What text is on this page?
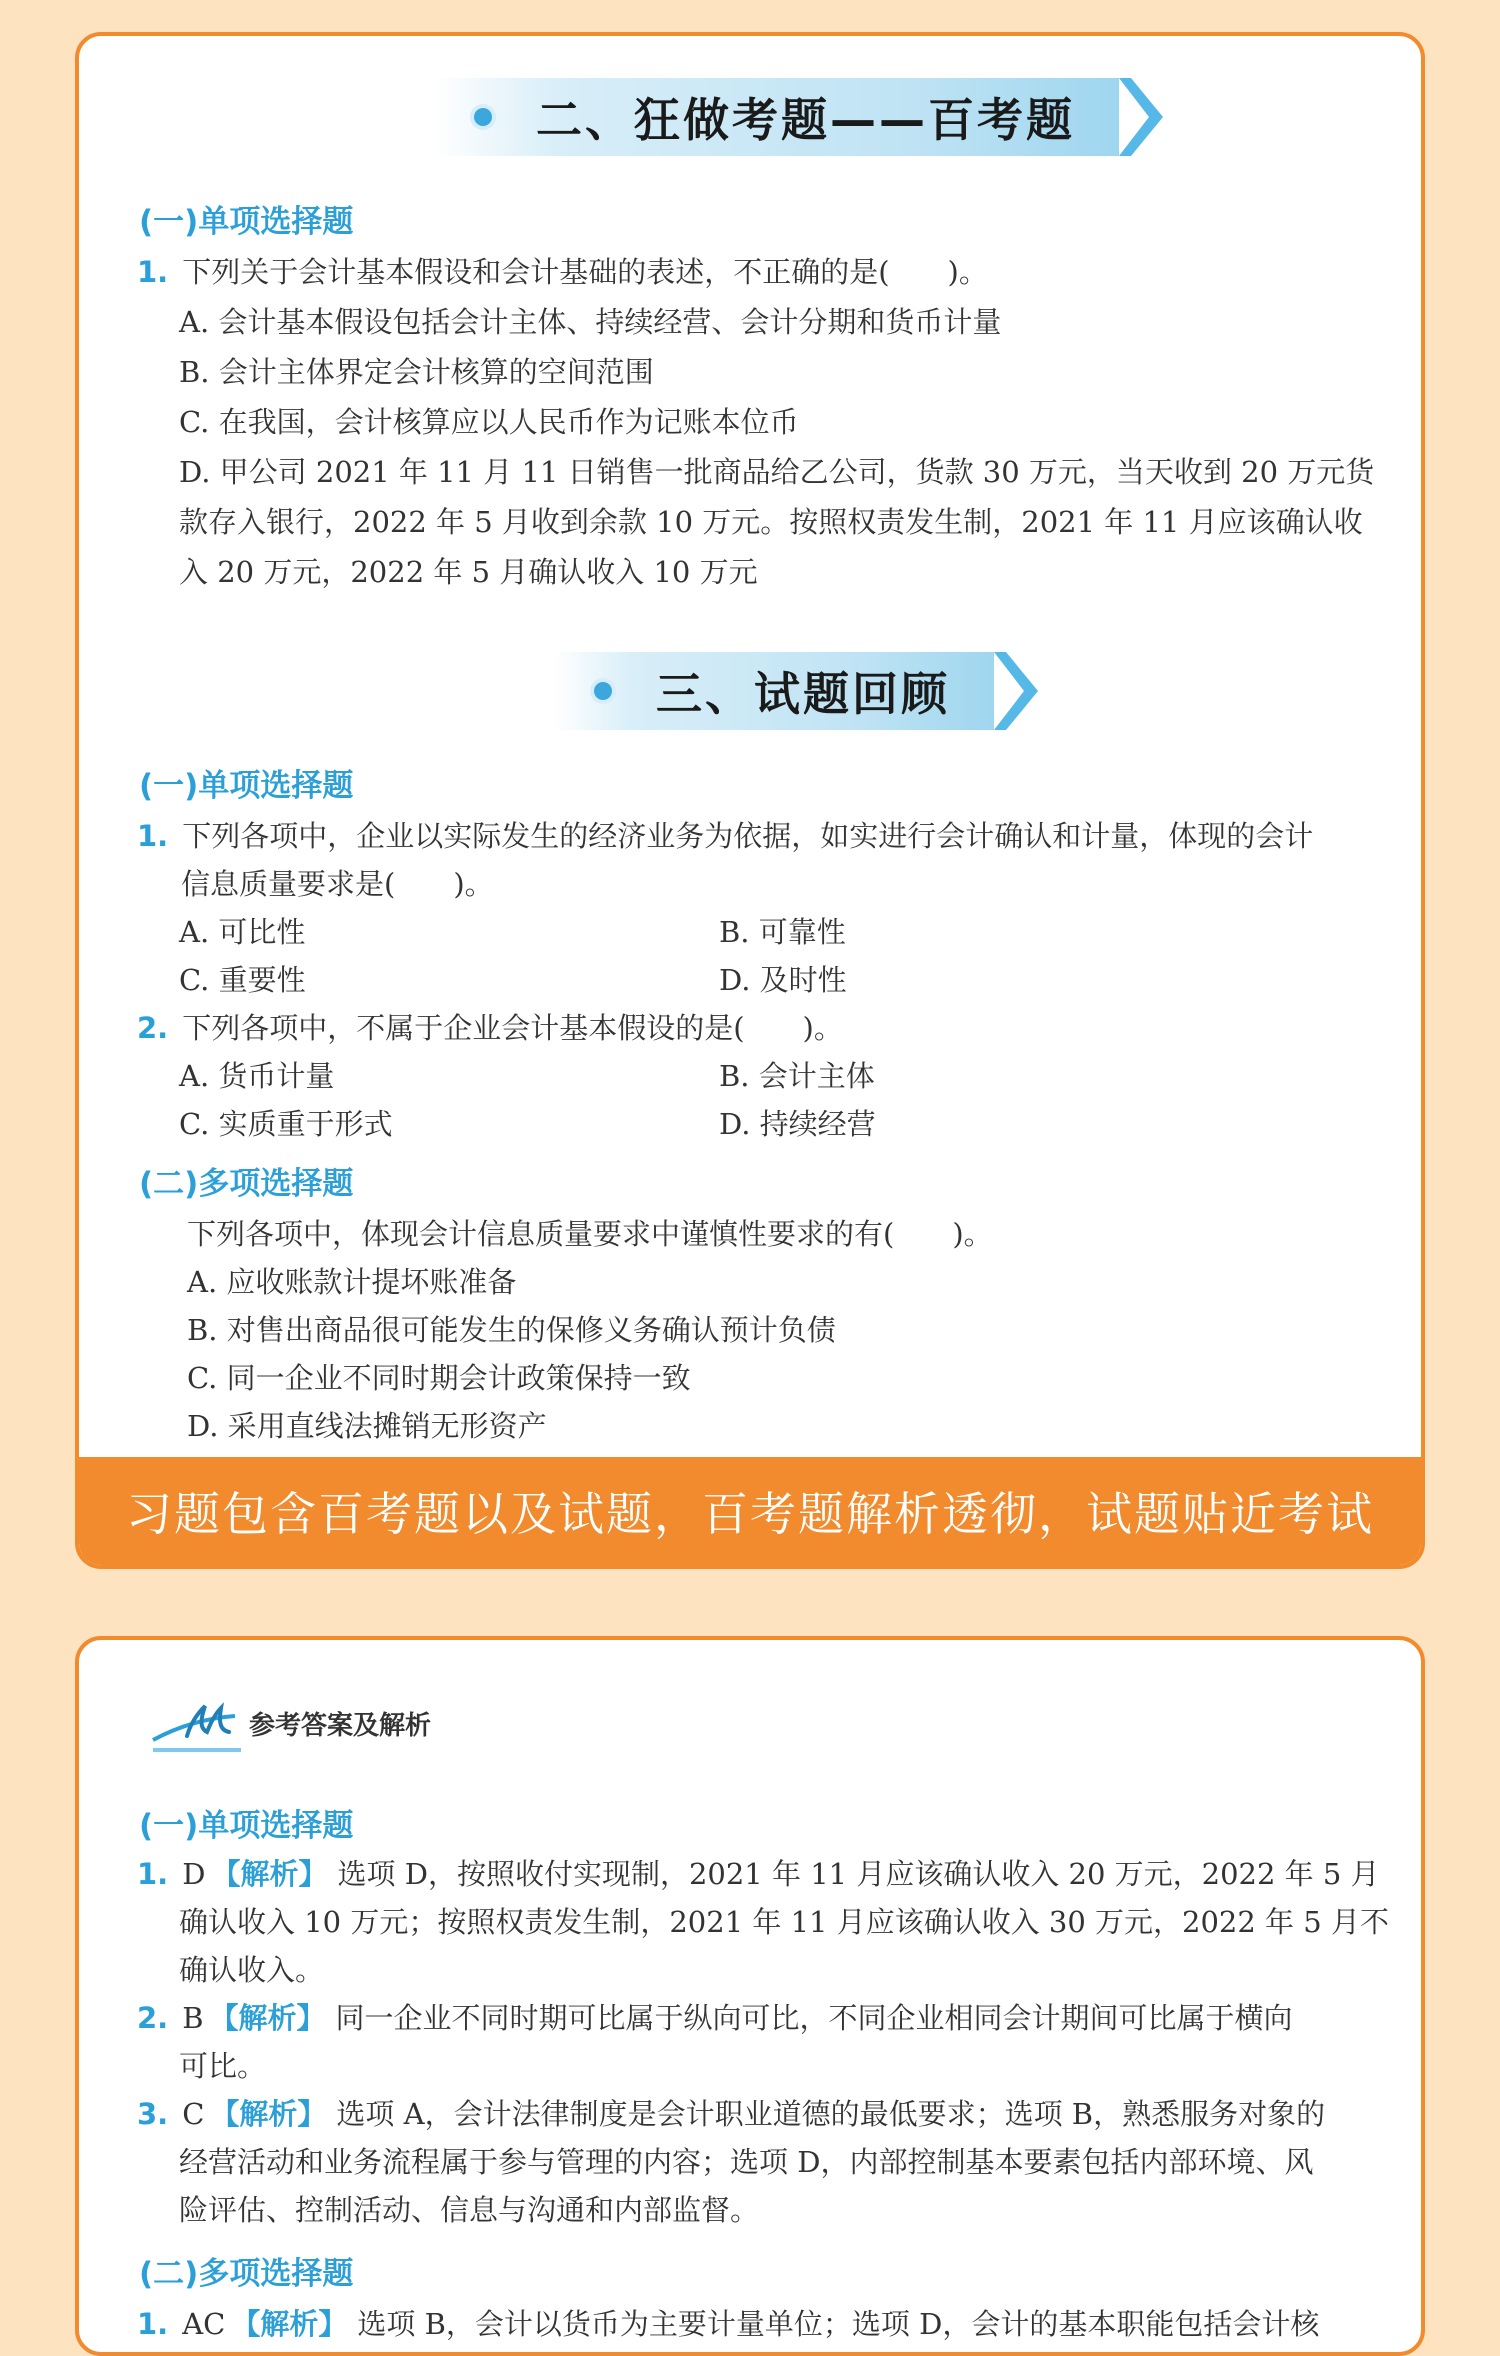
二、狂做考题——百考题
(一)单项选择题
1. 下列关于会计基本假设和会计基础的表述，不正确的是(　　)。
A. 会计基本假设包括会计主体、持续经营、会计分期和货币计量
B. 会计主体界定会计核算的空间范围
C. 在我国，会计核算应以人民币作为记账本位币
D. 甲公司 2021 年 11 月 11 日销售一批商品给乙公司，货款 30 万元，当天收到 20 万元货
款存入银行，2022 年 5 月收到余款 10 万元。按照权责发生制，2021 年 11 月应该确认收
入 20 万元，2022 年 5 月确认收入 10 万元
三、试题回顾
(一)单项选择题
1. 下列各项中，企业以实际发生的经济业务为依据，如实进行会计确认和计量，体现的会计
信息质量要求是(　　)。
A. 可比性	B. 可靠性
C. 重要性	D. 及时性
2. 下列各项中，不属于企业会计基本假设的是(　　)。
A. 货币计量	B. 会计主体
C. 实质重于形式	D. 持续经营
(二)多项选择题
下列各项中，体现会计信息质量要求中谨慎性要求的有(　　)。
A. 应收账款计提坏账准备
B. 对售出商品很可能发生的保修义务确认预计负债
C. 同一企业不同时期会计政策保持一致
D. 采用直线法摊销无形资产
习题包含百考题以及试题，百考题解析透彻，试题贴近考试
参考答案及解析
(一)单项选择题
1. D 【解析】 选项 D，按照收付实现制，2021 年 11 月应该确认收入 20 万元，2022 年 5 月
确认收入 10 万元；按照权责发生制，2021 年 11 月应该确认收入 30 万元，2022 年 5 月不
确认收入。
2. B 【解析】 同一企业不同时期可比属于纵向可比，不同企业相同会计期间可比属于横向
可比。
3. C 【解析】 选项 A，会计法律制度是会计职业道德的最低要求；选项 B，熟悉服务对象的
经营活动和业务流程属于参与管理的内容；选项 D，内部控制基本要素包括内部环境、风
险评估、控制活动、信息与沟通和内部监督。
(二)多项选择题
1. AC 【解析】 选项 B，会计以货币为主要计量单位；选项 D，会计的基本职能包括会计核
